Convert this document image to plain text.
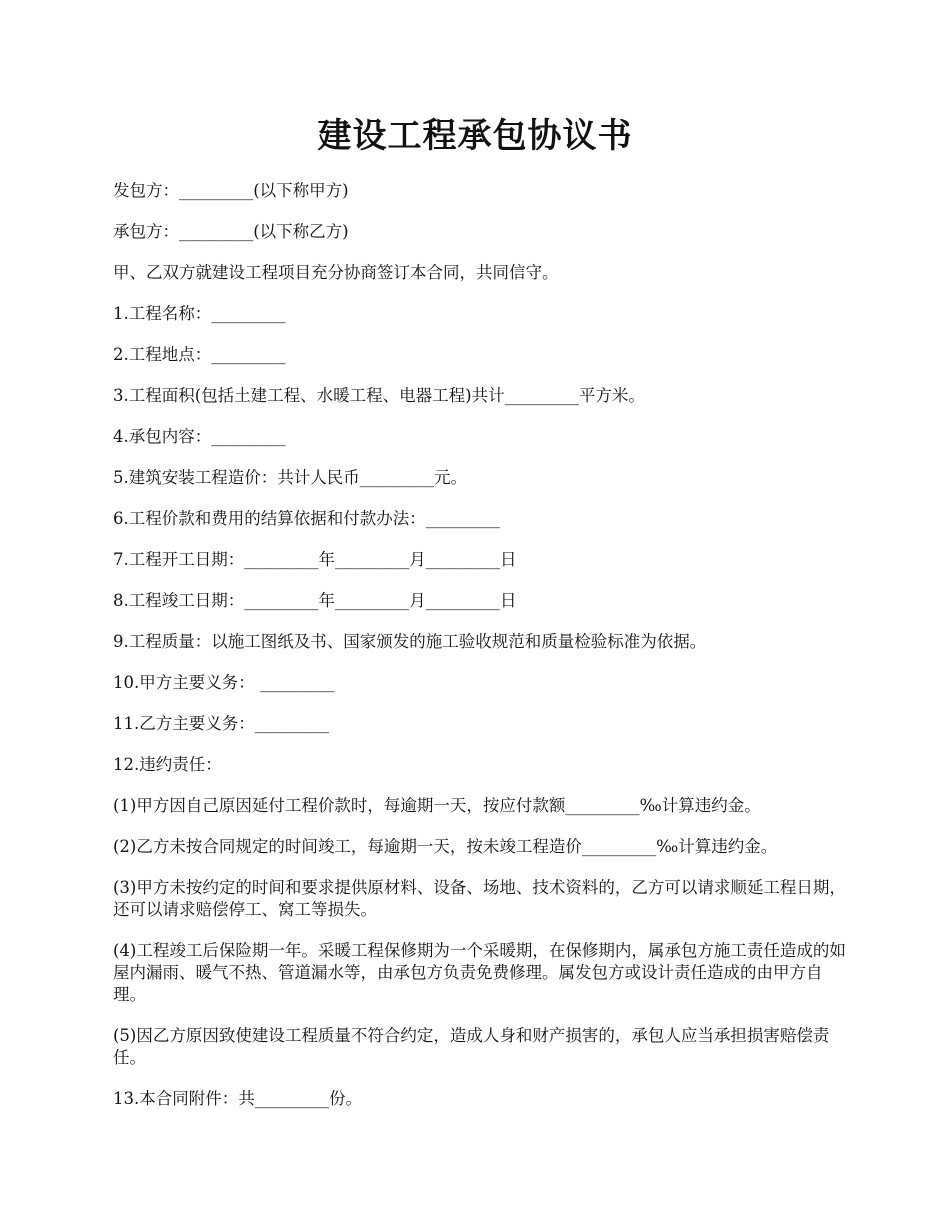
建设工程承包协议书

发包方：_________(以下称甲方)

承包方：_________(以下称乙方)

甲、乙双方就建设工程项目充分协商签订本合同，共同信守。

1.工程名称：_________

2.工程地点：_________

3.工程面积(包括土建工程、水暖工程、电器工程)共计_________平方米。

4.承包内容：_________

5.建筑安装工程造价：共计人民币_________元。

6.工程价款和费用的结算依据和付款办法：_________

7.工程开工日期：_________年_________月_________日

8.工程竣工日期：_________年_________月_________日

9.工程质量：以施工图纸及书、国家颁发的施工验收规范和质量检验标准为依据。

10.甲方主要义务： _________

11.乙方主要义务：_________

12.违约责任：

(1)甲方因自己原因延付工程价款时，每逾期一天，按应付款额_________‰计算违约金。

(2)乙方未按合同规定的时间竣工，每逾期一天，按未竣工程造价_________‰计算违约金。

(3)甲方未按约定的时间和要求提供原材料、设备、场地、技术资料的，乙方可以请求顺延工程日期，还可以请求赔偿停工、窝工等损失。

(4)工程竣工后保险期一年。采暖工程保修期为一个采暖期，在保修期内，属承包方施工责任造成的如屋内漏雨、暖气不热、管道漏水等，由承包方负责免费修理。属发包方或设计责任造成的由甲方自理。

(5)因乙方原因致使建设工程质量不符合约定，造成人身和财产损害的，承包人应当承担损害赔偿责任。

13.本合同附件：共_________份。
